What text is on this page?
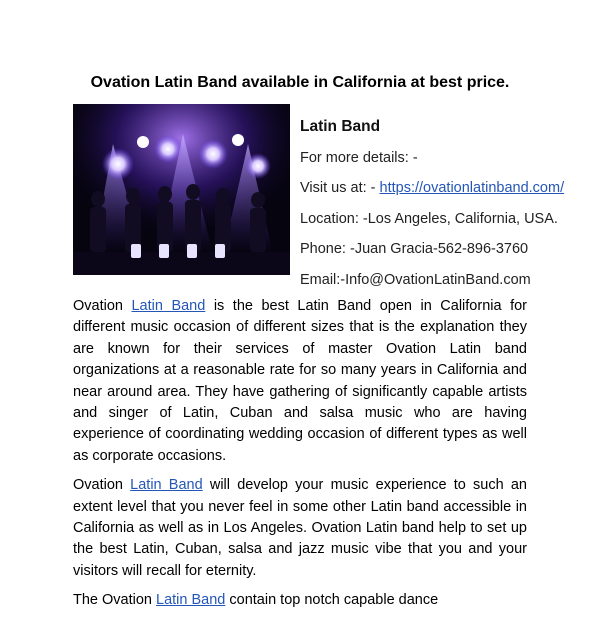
Ovation Latin Band available in California at best price.
Latin Band
For more details: -
Visit us at: - https://ovationlatinband.com/
Location: -Los Angeles, California, USA.
Phone: -Juan Gracia-562-896-3760
Email:-Info@OvationLatinBand.com

Ovation Latin Band is the best Latin Band open in California for different music occasion of different sizes that is the explanation they are known for their services of master Ovation Latin band organizations at a reasonable rate for so many years in California and near around area. They have gathering of significantly capable artists and singer of Latin, Cuban and salsa music who are having experience of coordinating wedding occasion of different types as well as corporate occasions.

Ovation Latin Band will develop your music experience to such an extent level that you never feel in some other Latin band accessible in California as well as in Los Angeles. Ovation Latin band help to set up the best Latin, Cuban, salsa and jazz music vibe that you and your visitors will recall for eternity.

The Ovation Latin Band contain top notch capable dance
